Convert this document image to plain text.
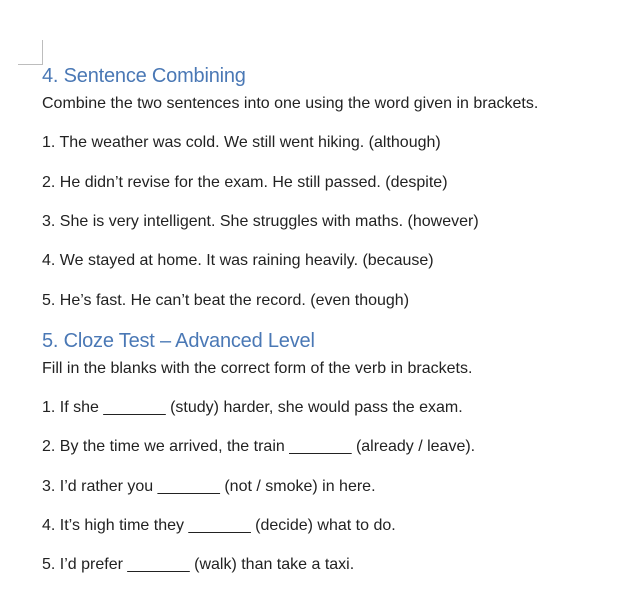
4. Sentence Combining
Combine the two sentences into one using the word given in brackets.
1. The weather was cold. We still went hiking. (although)
2. He didn’t revise for the exam. He still passed. (despite)
3. She is very intelligent. She struggles with maths. (however)
4. We stayed at home. It was raining heavily. (because)
5. He’s fast. He can’t beat the record. (even though)
5. Cloze Test – Advanced Level
Fill in the blanks with the correct form of the verb in brackets.
1. If she _______ (study) harder, she would pass the exam.
2. By the time we arrived, the train _______ (already / leave).
3. I’d rather you _______ (not / smoke) in here.
4. It’s high time they _______ (decide) what to do.
5. I’d prefer _______ (walk) than take a taxi.
